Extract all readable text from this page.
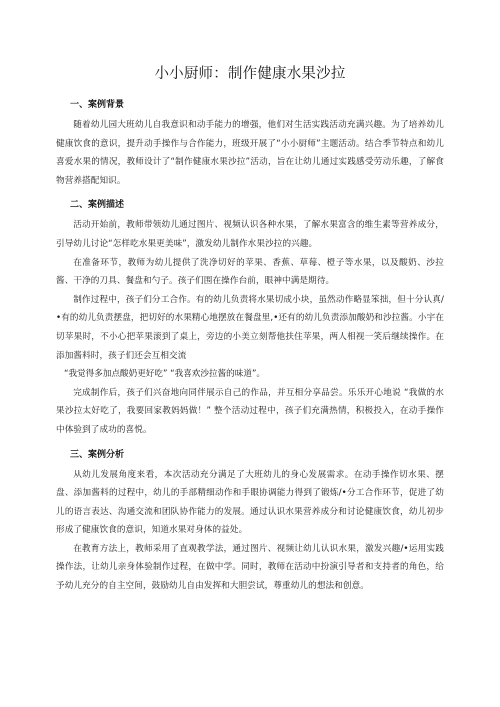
小小厨师：制作健康水果沙拉
一、案例背景

随着幼儿园大班幼儿自我意识和动手能力的增强，他们对生活实践活动充满兴趣。为了培养幼儿健康饮食的意识，提升动手操作与合作能力，班级开展了“小小厨师”主题活动。结合季节特点和幼儿喜爱水果的情况，教师设计了“制作健康水果沙拉”活动，旨在让幼儿通过实践感受劳动乐趣，了解食物营养搭配知识。

二、案例描述

活动开始前，教师带领幼儿通过图片、视频认识各种水果，了解水果富含的维生素等营养成分，引导幼儿讨论“怎样吃水果更美味”，激发幼儿制作水果沙拉的兴趣。

在准备环节，教师为幼儿提供了洗净切好的苹果、香蕉、草莓、橙子等水果，以及酸奶、沙拉酱、干净的刀具、餐盘和勺子。孩子们围在操作台前，眼神中满是期待。

制作过程中，孩子们分工合作。有的幼儿负责将水果切成小块，虽然动作略显笨拙，但十分认真/•有的幼儿负责摆盘，把切好的水果精心地摆放在餐盘里,•还有的幼儿负责添加酸奶和沙拉酱。小宇在切苹果时，不小心把苹果滚到了桌上，旁边的小美立刻帮他扶住苹果，两人相视一笑后继续操作。在添加酱料时，孩子们还会互相交流

“我觉得多加点酸奶更好吃” “我喜欢沙拉酱的味道”。

完成制作后，孩子们兴奋地向同伴展示自己的作品，并互相分享品尝。乐乐开心地说 “我做的水果沙拉太好吃了，我要回家教妈妈做！” 整个活动过程中，孩子们充满热情，积极投入，在动手操作中体验到了成功的喜悦。

三、案例分析

从幼儿发展角度来看，本次活动充分满足了大班幼儿的身心发展需求。在动手操作切水果、摆盘、添加酱料的过程中，幼儿的手部精细动作和手眼协调能力得到了锻炼/•分工合作环节，促进了幼儿的语言表达、沟通交流和团队协作能力的发展。通过认识水果营养成分和讨论健康饮食，幼儿初步形成了健康饮食的意识，知道水果对身体的益处。

在教育方法上，教师采用了直观教学法，通过图片、视频让幼儿认识水果，激发兴趣/•运用实践操作法，让幼儿亲身体验制作过程，在做中学。同时，教师在活动中扮演引导者和支持者的角色，给予幼儿充分的自主空间，鼓励幼儿自由发挥和大胆尝试，尊重幼儿的想法和创意。
